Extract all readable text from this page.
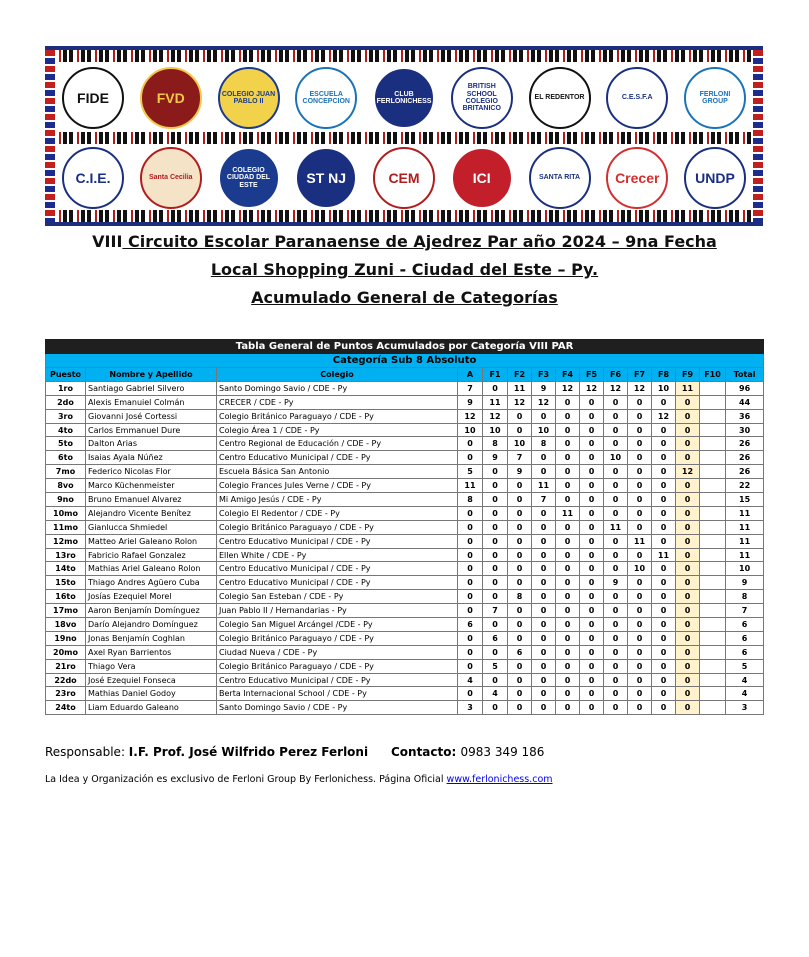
FIDE	FVD	COLEGIO JUAN PABLO II
ESCUELA CONCEPCION
CLUB FERLONICHESS
BRITISH SCHOOL COLEGIO BRITANICO
EL REDENTOR	C.E.S.F.A
FERLONI GROUP
C.I.E.	Santa Cecilia
COLEGIO CIUDAD DEL ESTE	ST NJ	CEM	ICI	SANTA RITA	Crecer	UNDP
VIII Circuito Escolar Paranaense de Ajedrez Par año 2024 – 9na Fecha
Local Shopping Zuni - Ciudad del Este – Py.
Acumulado General de Categorías
Tabla General de Puntos Acumulados por Categoría VIII PAR														
Categoría Sub 8 Absoluto														
Puesto	Nombre y Apellido	Colegio	A	F1	F2	F3	F4	F5	F6	F7	F8	F9	F10	Total
1ro	Santiago Gabriel Silvero	Santo Domingo Savio / CDE - Py	7	0	11	9	12	12	12	12	10	11		96
2do	Alexis Emanuiel Colmán	CRECER / CDE - Py	9	11	12	12	0	0	0	0	0	0		44
3ro	Giovanni José Cortessi	Colegio Británico Paraguayo / CDE - Py	12	12	0	0	0	0	0	0	12	0		36
4to	Carlos Emmanuel Dure	Colegio Área 1 / CDE - Py	10	10	0	10	0	0	0	0	0	0		30
5to	Dalton Arias	Centro Regional de Educación / CDE - Py	0	8	10	8	0	0	0	0	0	0		26
6to	Isaias Ayala Núñez	Centro Educativo Municipal / CDE - Py	0	9	7	0	0	0	10	0	0	0		26
7mo	Federico Nicolas Flor	Escuela Básica San Antonio	5	0	9	0	0	0	0	0	0	12		26
8vo	Marco Küchenmeister	Colegio Frances Jules Verne / CDE - Py	11	0	0	11	0	0	0	0	0	0		22
9no	Bruno Emanuel Alvarez	Mi Amigo Jesús / CDE - Py	8	0	0	7	0	0	0	0	0	0		15
10mo	Alejandro Vicente Benítez	Colegio El Redentor / CDE - Py	0	0	0	0	11	0	0	0	0	0		11
11mo	Gianlucca Shmiedel	Colegio Británico Paraguayo / CDE - Py	0	0	0	0	0	0	11	0	0	0		11
12mo	Matteo Ariel Galeano Rolon	Centro Educativo Municipal / CDE - Py	0	0	0	0	0	0	0	11	0	0		11
13ro	Fabricio Rafael Gonzalez	Ellen White / CDE - Py	0	0	0	0	0	0	0	0	11	0		11
14to	Mathias Ariel Galeano Rolon	Centro Educativo Municipal / CDE - Py	0	0	0	0	0	0	0	10	0	0		10
15to	Thiago Andres Agüero Cuba	Centro Educativo Municipal / CDE - Py	0	0	0	0	0	0	9	0	0	0		9
16to	Josías Ezequiel Morel	Colegio San Esteban / CDE - Py	0	0	8	0	0	0	0	0	0	0		8
17mo	Aaron Benjamín Domínguez	Juan Pablo II / Hernandarias - Py	0	7	0	0	0	0	0	0	0	0		7
18vo	Darío Alejandro Domínguez	Colegio San Miguel Arcángel /CDE - Py	6	0	0	0	0	0	0	0	0	0		6
19no	Jonas Benjamín Coghlan	Colegio Británico Paraguayo / CDE - Py	0	6	0	0	0	0	0	0	0	0		6
20mo	Axel Ryan Barrientos	Ciudad Nueva / CDE - Py	0	0	6	0	0	0	0	0	0	0		6
21ro	Thiago Vera	Colegio Británico Paraguayo / CDE - Py	0	5	0	0	0	0	0	0	0	0		5
22do	José Ezequiel Fonseca	Centro Educativo Municipal / CDE - Py	4	0	0	0	0	0	0	0	0	0		4
23ro	Mathias Daniel Godoy	Berta Internacional School / CDE - Py	0	4	0	0	0	0	0	0	0	0		4
24to	Liam Eduardo Galeano	Santo Domingo Savio / CDE - Py	3	0	0	0	0	0	0	0	0	0		3
Responsable: I.F. Prof. José Wilfrido Perez Ferloni Contacto: 0983 349 186
La Idea y Organización es exclusivo de Ferloni Group By Ferlonichess. Página Oficial www.ferlonichess.com
